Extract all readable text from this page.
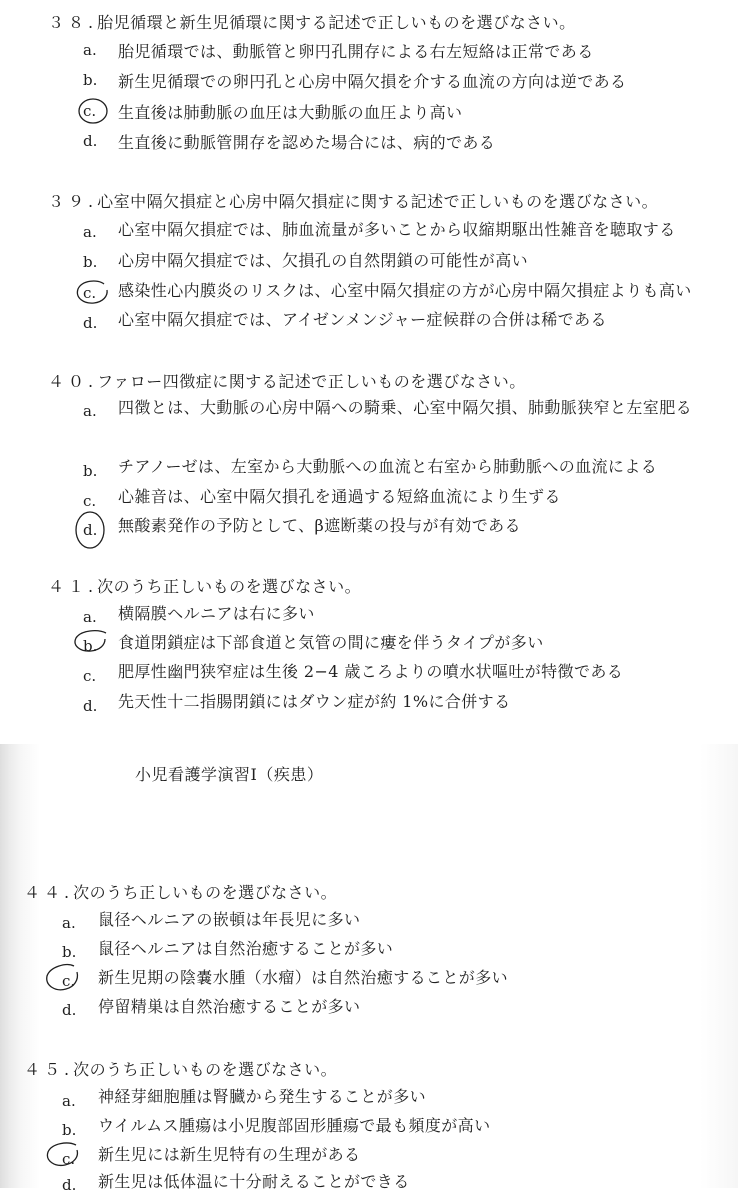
３８.胎児循環と新生児循環に関する記述で正しいものを選びなさい。
a. 胎児循環では、動脈管と卵円孔開存による右左短絡は正常である
b. 新生児循環での卵円孔と心房中隔欠損を介する血流の方向は逆である
c. 生直後は肺動脈の血圧は大動脈の血圧より高い
d. 生直後に動脈管開存を認めた場合には、病的である
３９.心室中隔欠損症と心房中隔欠損症に関する記述で正しいものを選びなさい。
a. 心室中隔欠損症では、肺血流量が多いことから収縮期駆出性雑音を聴取する
b. 心房中隔欠損症では、欠損孔の自然閉鎖の可能性が高い
c. 感染性心内膜炎のリスクは、心室中隔欠損症の方が心房中隔欠損症よりも高い
d. 心室中隔欠損症では、アイゼンメンジャー症候群の合併は稀である
４０.ファロー四徴症に関する記述で正しいものを選びなさい。
a. 四徴とは、大動脈の心房中隔への騎乗、心室中隔欠損、肺動脈狭窄と左室肥る
b. チアノーゼは、左室から大動脈への血流と右室から肺動脈への血流による
c. 心雑音は、心室中隔欠損孔を通過する短絡血流により生ずる
d. 無酸素発作の予防として、β遮断薬の投与が有効である
４１.次のうち正しいものを選びなさい。
a. 横隔膜ヘルニアは右に多い
b. 食道閉鎖症は下部食道と気管の間に瘻を伴うタイプが多い
c. 肥厚性幽門狭窄症は生後 2−4 歳ころよりの噴水状嘔吐が特徴である
d. 先天性十二指腸閉鎖にはダウン症が約 1%に合併する
小児看護学演習Ⅰ（疾患）
４４.次のうち正しいものを選びなさい。
a. 鼠径ヘルニアの嵌頓は年長児に多い
b. 鼠径ヘルニアは自然治癒することが多い
c. 新生児期の陰嚢水腫（水瘤）は自然治癒することが多い
d. 停留精巣は自然治癒することが多い
４５.次のうち正しいものを選びなさい。
a. 神経芽細胞腫は腎臓から発生することが多い
b. ウイルムス腫瘍は小児腹部固形腫瘍で最も頻度が高い
c. 新生児には新生児特有の生理がある
d. 新生児は低体温に十分耐えることができる
